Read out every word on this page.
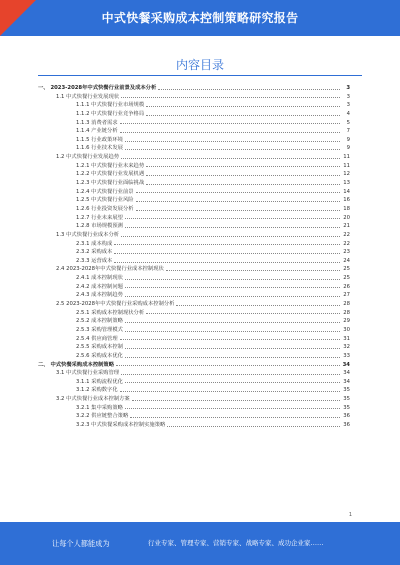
中式快餐采购成本控制策略研究报告
内容目录
一、 2023-2028年中式快餐行业前景及成本分析	3
1.1 中式快餐行业发展现状	3
1.1.1 中式快餐行业市场规模	3
1.1.2 中式快餐行业竞争格局	4
1.1.3 消费者需求	5
1.1.4 产业链分析	7
1.1.5 行业政策环境	9
1.1.6 行业技术发展	9
1.2 中式快餐行业发展趋势	11
1.2.1 中式快餐行业未来趋势	11
1.2.2 中式快餐行业发展机遇	12
1.2.3 中式快餐行业面临挑战	13
1.2.4 中式快餐行业前景	14
1.2.5 中式快餐行业风险	16
1.2.6 行业投资发展分析	18
1.2.7 行业未来展望	20
1.2.8 市场规模预测	21
1.3 中式快餐行业成本分析	22
2.3.1 成本构成	22
2.3.2 采购成本	23
2.3.3 运营成本	24
2.4 2023-2028年中式快餐行业成本控制现状	25
2.4.1 成本控制现状	25
2.4.2 成本控制问题	26
2.4.3 成本控制趋势	27
2.5 2023-2028年中式快餐行业采购成本控制分析	28
2.5.1 采购成本控制现状分析	28
2.5.2 成本控制策略	29
2.5.3 采购管理模式	30
2.5.4 供应商管理	31
2.5.5 采购成本控制	32
2.5.6 采购成本优化	33
二、 中式快餐采购成本控制策略	34
3.1 中式快餐行业采购管理	34
3.1.1 采购流程优化	34
3.1.2 采购数字化	35
3.2 中式快餐行业成本控制方案	35
3.2.1 集中采购策略	35
3.2.2 供应链整合策略	36
3.2.3 中式快餐采购成本控制实施策略	36
1
让每个人都能成为	行业专家、管理专家、营销专家、战略专家、成功企业家……
